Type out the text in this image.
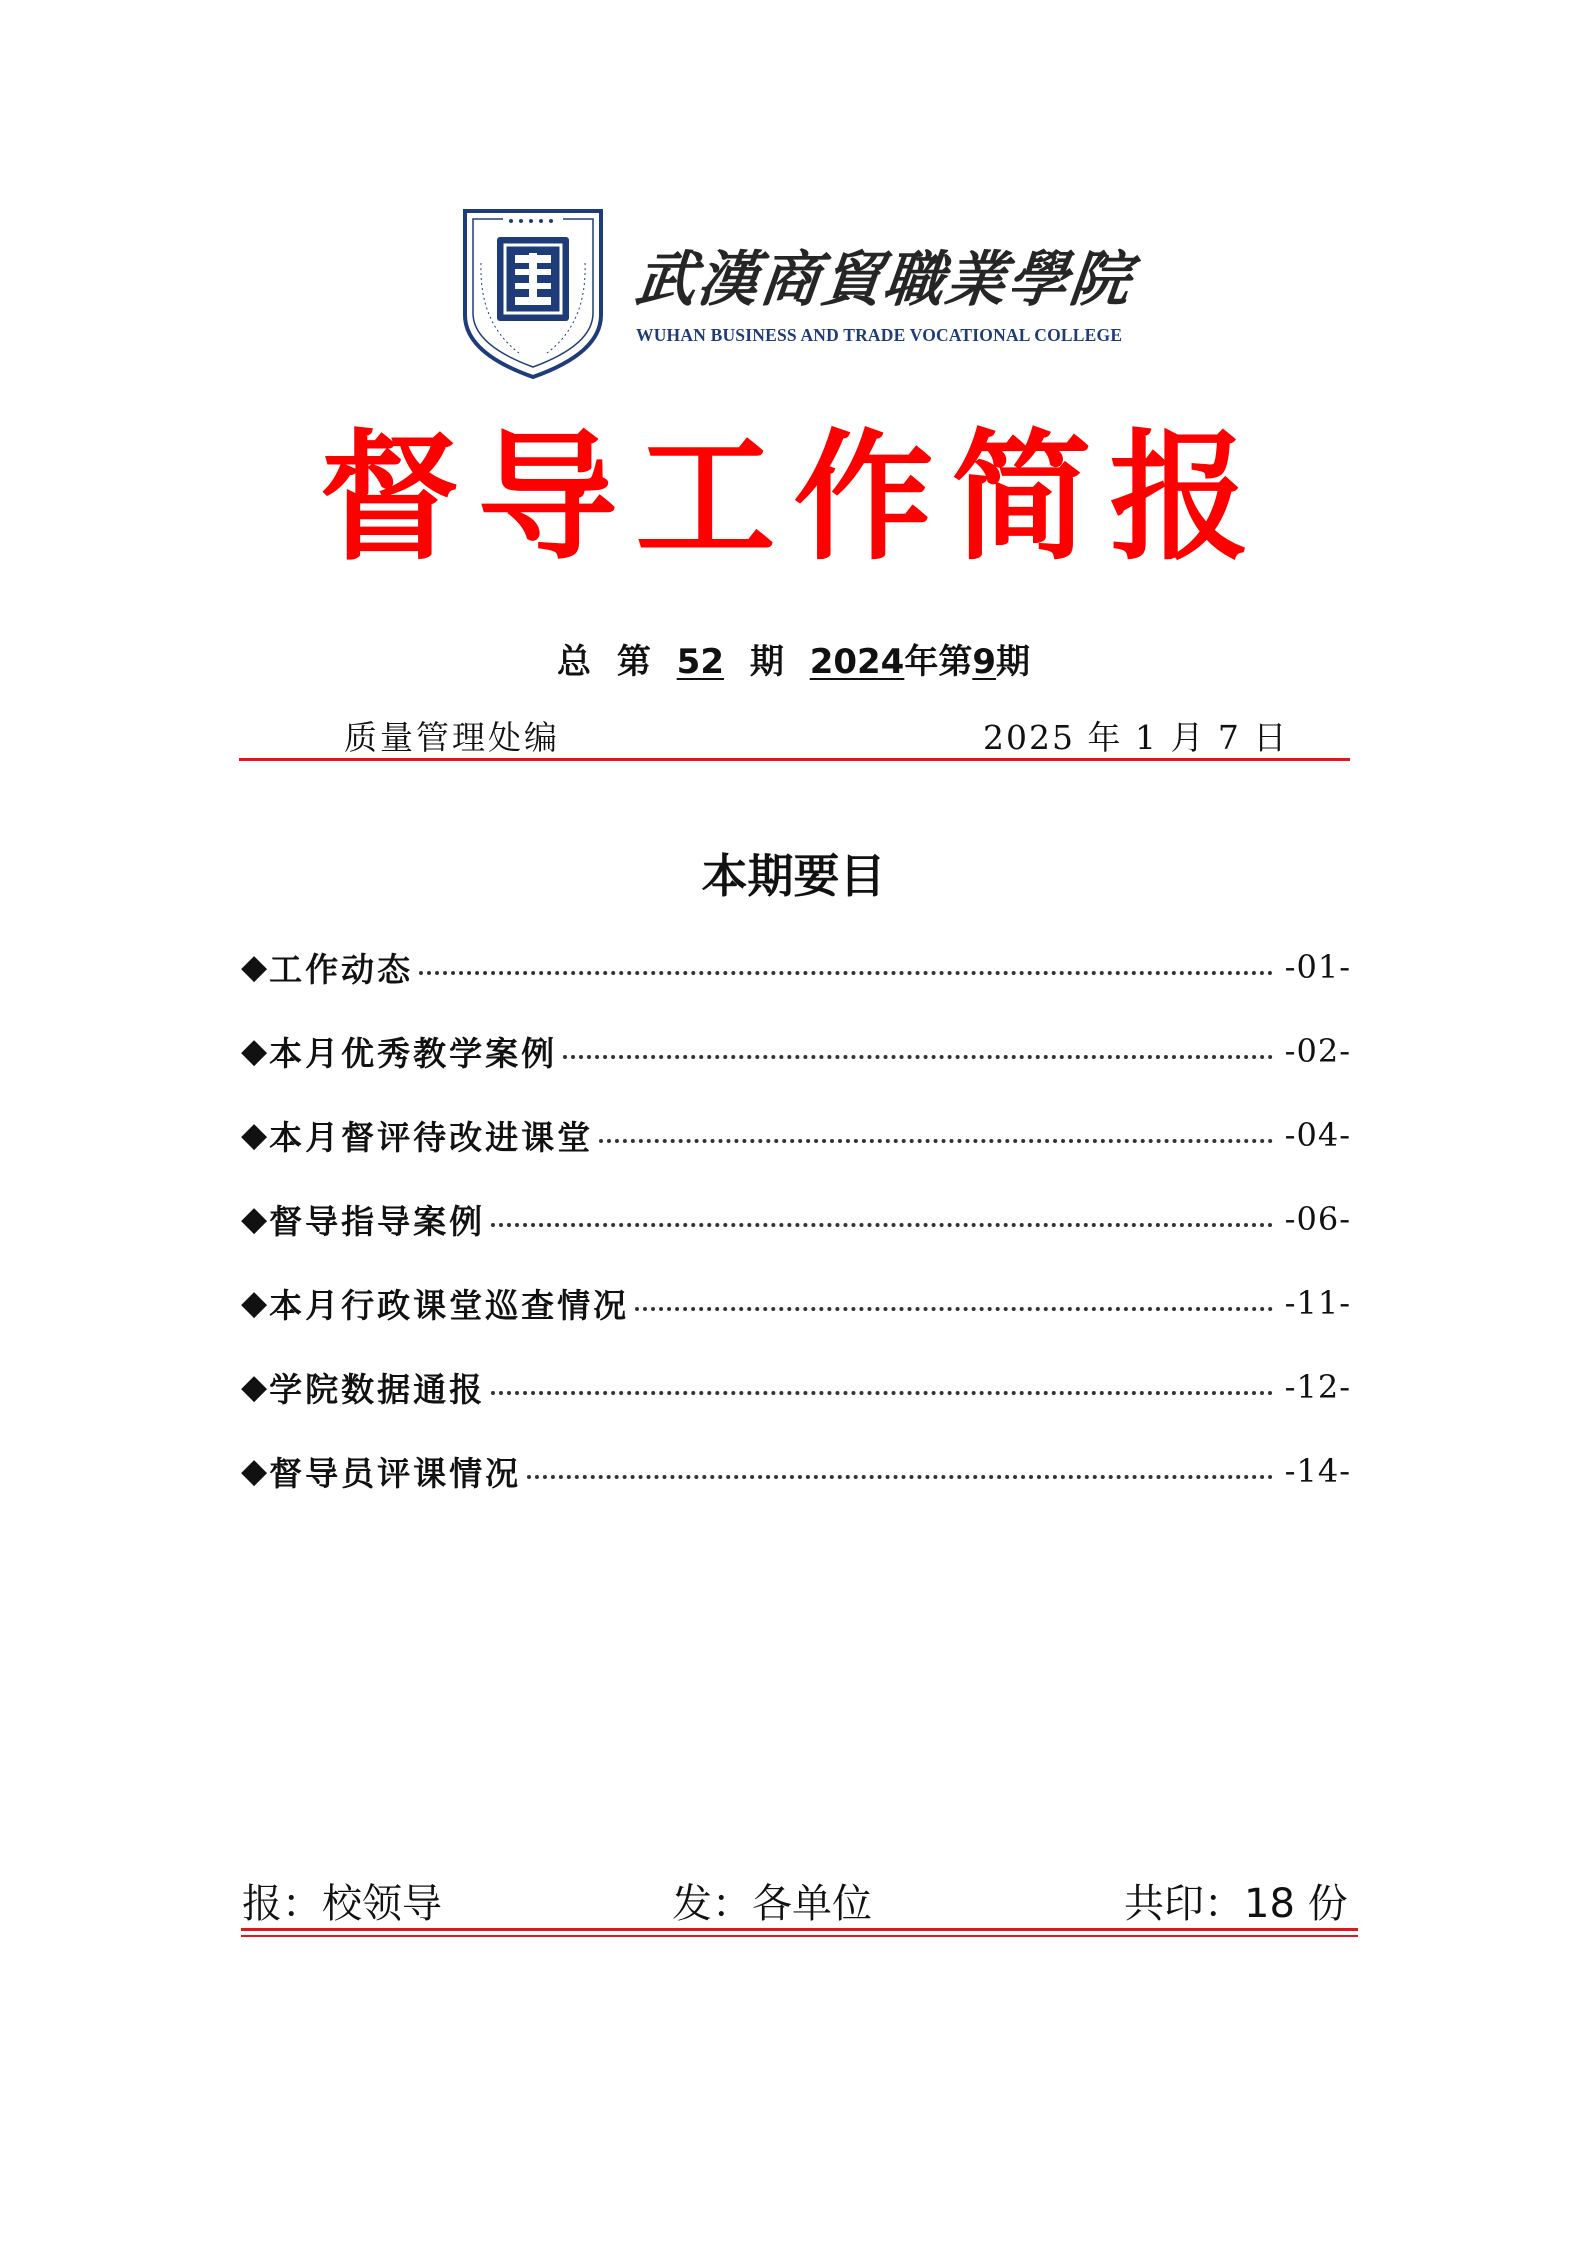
武漢商貿職業學院
WUHAN BUSINESS AND TRADE VOCATIONAL COLLEGE
督导工作简报
总 第 52 期 2024年第9期
质量管理处编	2025 年 1 月 7 日
本期要目
◆ 工作动态	-01-
◆ 本月优秀教学案例	-02-
◆ 本月督评待改进课堂	-04-
◆ 督导指导案例	-06-
◆ 本月行政课堂巡查情况	-11-
◆ 学院数据通报	-12-
◆ 督导员评课情况	-14-
报：校领导	发：各单位	共印：18 份
